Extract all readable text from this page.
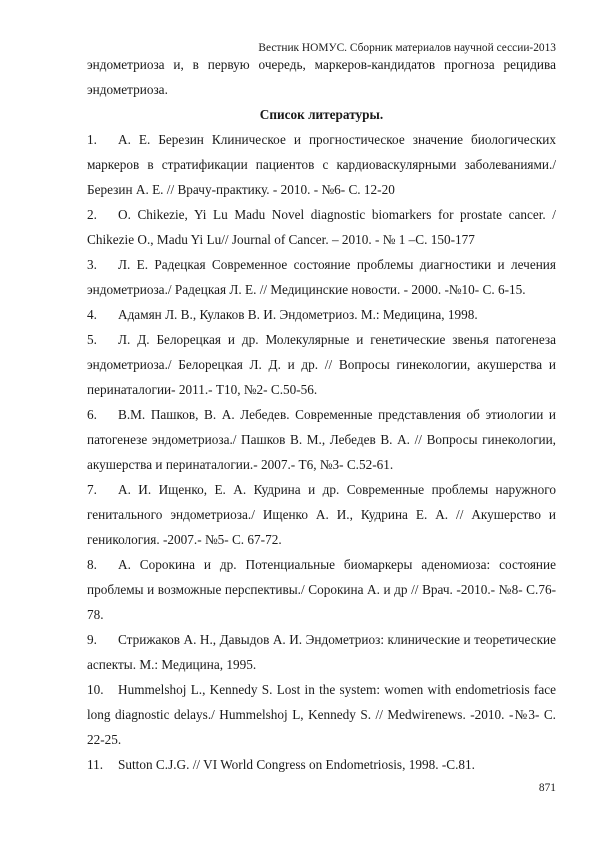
Вестник НОМУС. Сборник материалов научной сессии-2013

эндометриоза и, в первую очередь, маркеров-кандидатов прогноза рецидива эндометриоза.

Список литературы.

1. А. Е. Березин Клиническое и прогностическое значение биологических маркеров в стратификации пациентов с кардиоваскулярными заболеваниями./ Березин А. Е. // Врачу-практику. - 2010. - №6- С. 12-20

2. O. Chikezie, Yi Lu Madu Novel diagnostic biomarkers for prostate cancer. / Chikezie O., Madu Yi Lu// Journal of Cancer. – 2010. - № 1 –С. 150-177

3. Л. Е. Радецкая Современное состояние проблемы диагностики и лечения эндометриоза./ Радецкая Л. Е. // Медицинские новости. - 2000. -№10- С. 6-15.

4. Адамян Л. В., Кулаков В. И. Эндометриоз. М.: Медицина, 1998.

5. Л. Д. Белорецкая и др. Молекулярные и генетические звенья патогенеза эндометриоза./ Белорецкая Л. Д. и др. // Вопросы гинекологии, акушерства и перинаталогии- 2011.- Т10, №2- С.50-56.

6. В.М. Пашков, В. А. Лебедев. Современные представления об этиологии и патогенезе эндометриоза./ Пашков В. М., Лебедев В. А. // Вопросы гинекологии, акушерства и перинаталогии.- 2007.- Т6, №3- С.52-61.

7. А. И. Ищенко, Е. А. Кудрина и др. Современные проблемы наружного генитального эндометриоза./ Ищенко А. И., Кудрина Е. А. // Акушерство и гениколoгия. -2007.- №5- С. 67-72.

8. А. Сорокина и др. Потенциальные биомаркеры аденомиоза: состояние проблемы и возможные перспективы./ Сорокина А. и др // Врач. -2010.- №8- С.76-78.

9. Стрижаков А. Н., Давыдов А. И. Эндометриоз: клинические и теоретические аспекты. М.: Медицина, 1995.

10. Hummelshoj L., Kennedy S. Lost in the system: women with endometriosis face long diagnostic delays./ Hummelshoj L, Kennedy S. // Medwirenews. -2010. -№3- С. 22-25.

11. Sutton C.J.G. // VI World Congress on Endometriosis, 1998. -С.81.

871
